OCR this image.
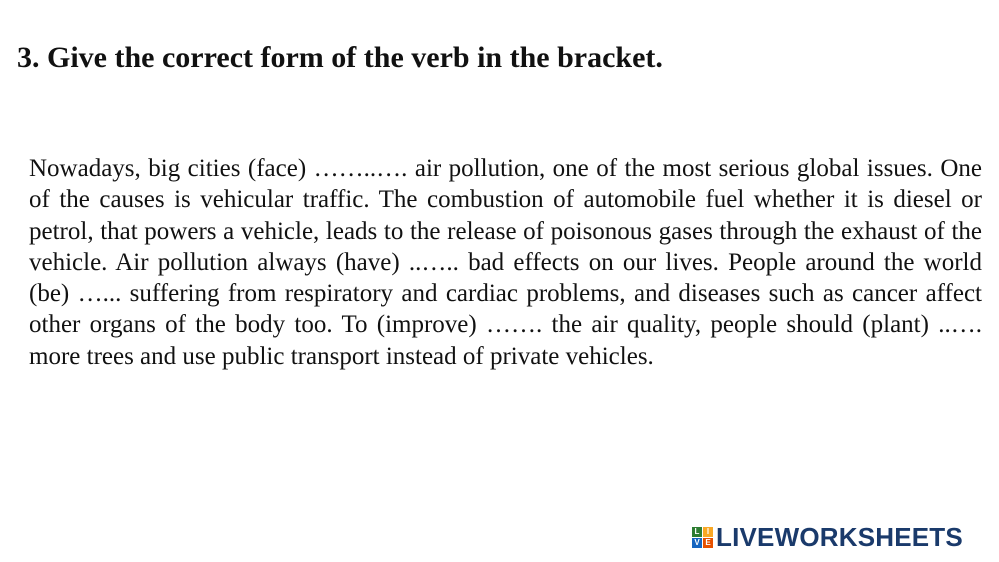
3. Give the correct form of the verb in the bracket.

Nowadays, big cities (face) ……..…. air pollution, one of the most serious global issues. One of the causes is vehicular traffic. The combustion of automobile fuel whether it is diesel or petrol, that powers a vehicle, leads to the release of poisonous gases through the exhaust of the vehicle. Air pollution always (have) ..….. bad effects on our lives. People around the world (be) …... suffering from respiratory and cardiac problems, and diseases such as cancer affect other organs of the body too. To (improve) ……. the air quality, people should (plant) ..…. more trees and use public transport instead of private vehicles.

L I
V E LIVEWORKSHEETS
